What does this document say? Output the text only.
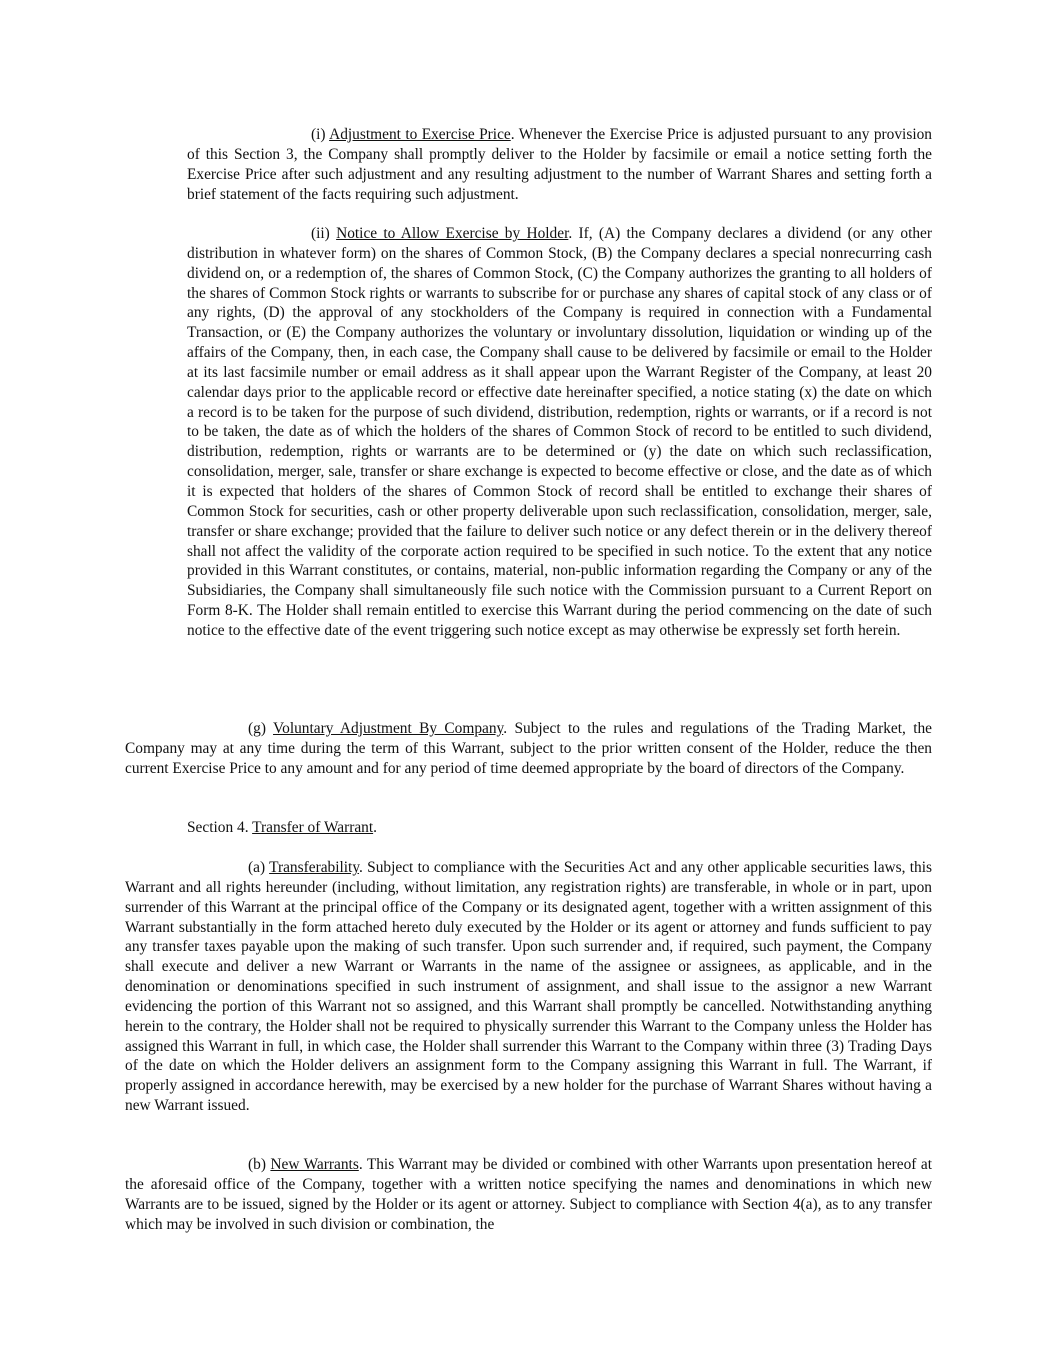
(i) Adjustment to Exercise Price. Whenever the Exercise Price is adjusted pursuant to any provision of this Section 3, the Company shall promptly deliver to the Holder by facsimile or email a notice setting forth the Exercise Price after such adjustment and any resulting adjustment to the number of Warrant Shares and setting forth a brief statement of the facts requiring such adjustment.

(ii) Notice to Allow Exercise by Holder. If, (A) the Company declares a dividend (or any other distribution in whatever form) on the shares of Common Stock, (B) the Company declares a special nonrecurring cash dividend on, or a redemption of, the shares of Common Stock, (C) the Company authorizes the granting to all holders of the shares of Common Stock rights or warrants to subscribe for or purchase any shares of capital stock of any class or of any rights, (D) the approval of any stockholders of the Company is required in connection with a Fundamental Transaction, or (E) the Company authorizes the voluntary or involuntary dissolution, liquidation or winding up of the affairs of the Company, then, in each case, the Company shall cause to be delivered by facsimile or email to the Holder at its last facsimile number or email address as it shall appear upon the Warrant Register of the Company, at least 20 calendar days prior to the applicable record or effective date hereinafter specified, a notice stating (x) the date on which a record is to be taken for the purpose of such dividend, distribution, redemption, rights or warrants, or if a record is not to be taken, the date as of which the holders of the shares of Common Stock of record to be entitled to such dividend, distribution, redemption, rights or warrants are to be determined or (y) the date on which such reclassification, consolidation, merger, sale, transfer or share exchange is expected to become effective or close, and the date as of which it is expected that holders of the shares of Common Stock of record shall be entitled to exchange their shares of Common Stock for securities, cash or other property deliverable upon such reclassification, consolidation, merger, sale, transfer or share exchange; provided that the failure to deliver such notice or any defect therein or in the delivery thereof shall not affect the validity of the corporate action required to be specified in such notice. To the extent that any notice provided in this Warrant constitutes, or contains, material, non-public information regarding the Company or any of the Subsidiaries, the Company shall simultaneously file such notice with the Commission pursuant to a Current Report on Form 8-K. The Holder shall remain entitled to exercise this Warrant during the period commencing on the date of such notice to the effective date of the event triggering such notice except as may otherwise be expressly set forth herein.

(g) Voluntary Adjustment By Company. Subject to the rules and regulations of the Trading Market, the Company may at any time during the term of this Warrant, subject to the prior written consent of the Holder, reduce the then current Exercise Price to any amount and for any period of time deemed appropriate by the board of directors of the Company.

Section 4. Transfer of Warrant.

(a) Transferability. Subject to compliance with the Securities Act and any other applicable securities laws, this Warrant and all rights hereunder (including, without limitation, any registration rights) are transferable, in whole or in part, upon surrender of this Warrant at the principal office of the Company or its designated agent, together with a written assignment of this Warrant substantially in the form attached hereto duly executed by the Holder or its agent or attorney and funds sufficient to pay any transfer taxes payable upon the making of such transfer. Upon such surrender and, if required, such payment, the Company shall execute and deliver a new Warrant or Warrants in the name of the assignee or assignees, as applicable, and in the denomination or denominations specified in such instrument of assignment, and shall issue to the assignor a new Warrant evidencing the portion of this Warrant not so assigned, and this Warrant shall promptly be cancelled. Notwithstanding anything herein to the contrary, the Holder shall not be required to physically surrender this Warrant to the Company unless the Holder has assigned this Warrant in full, in which case, the Holder shall surrender this Warrant to the Company within three (3) Trading Days of the date on which the Holder delivers an assignment form to the Company assigning this Warrant in full. The Warrant, if properly assigned in accordance herewith, may be exercised by a new holder for the purchase of Warrant Shares without having a new Warrant issued.

(b) New Warrants. This Warrant may be divided or combined with other Warrants upon presentation hereof at the aforesaid office of the Company, together with a written notice specifying the names and denominations in which new Warrants are to be issued, signed by the Holder or its agent or attorney. Subject to compliance with Section 4(a), as to any transfer which may be involved in such division or combination, the
